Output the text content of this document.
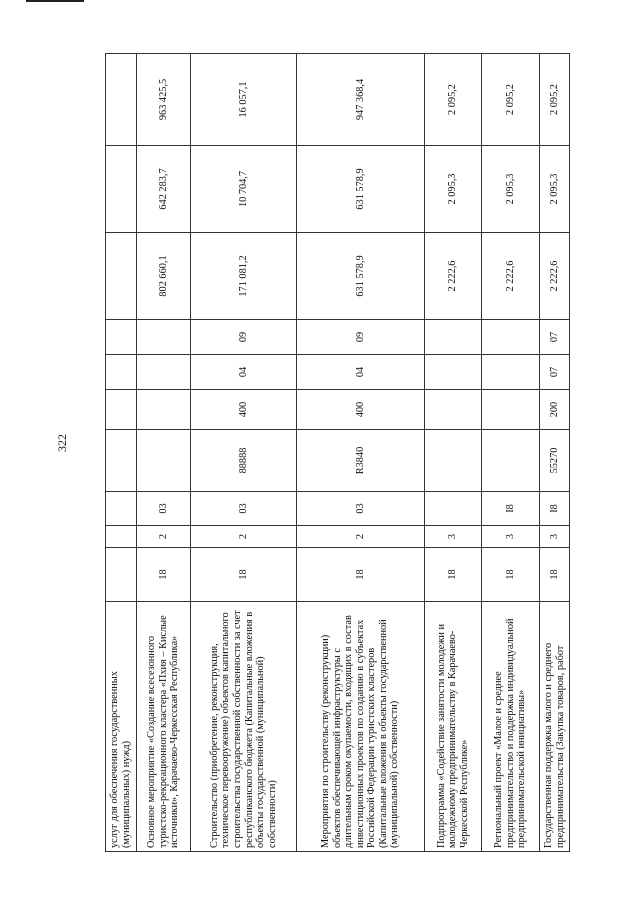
322
услуг для обеспечения государственных (муниципальных) нужд)										
Основное мероприятие «Создание всесезонного туристско-рекреационного кластера «Пхия – Кислые источники», Карачаево-Черкесская Республика»	18	2	03					802 660,1	642 283,7	963 425,5
Строительство (приобретение, реконструкция, техническое перевооружение) объектов капитального строительства государственной собственности за счет республиканского бюджета (Капитальные вложения в объекты государственной (муниципальной) собственности)	18	2	03	88888	400	04	09	171 081,2	10 704,7	16 057,1
Мероприятия по строительству (реконструкции) объектов обеспечивающей инфраструктуры с длительным сроком окупаемости, входящих в состав инвестиционных проектов по созданию в субъектах Российской Федерации туристских кластеров (Капитальные вложения в объекты государственной (муниципальной) собственности)	18	2	03	R3840	400	04	09	631 578,9	631 578,9	947 368,4
Подпрограмма «Содействие занятости молодежи и молодежному предпринимательству в Карачаево-Черкесской Республике»	18	3						2 222,6	2 095,3	2 095,2
Региональный проект «Малое и среднее предпринимательство и поддержка индивидуальной предпринимательской инициативы»	18	3	I8					2 222,6	2 095,3	2 095,2
Государственная поддержка малого и среднего предпринимательства (Закупка товаров, работ	18	3	I8	55270	200	07	07	2 222,6	2 095,3	2 095,2
